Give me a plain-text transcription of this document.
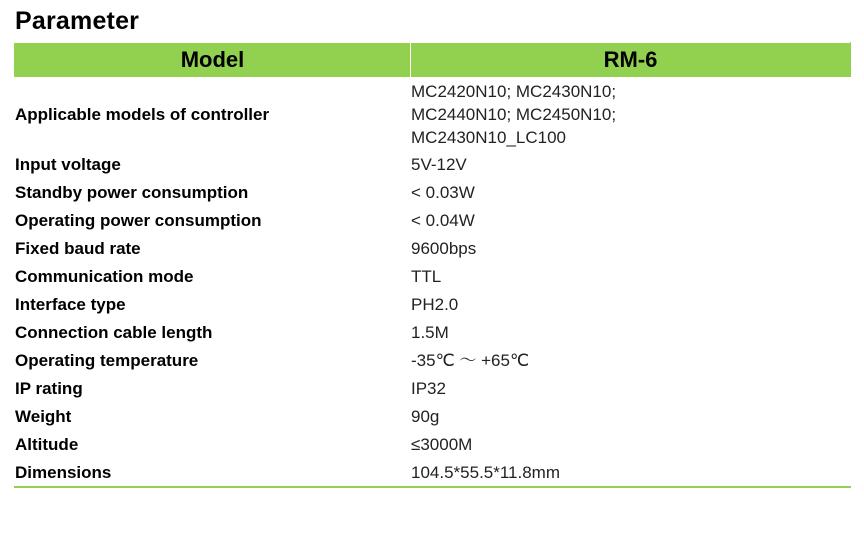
Parameter
Model	RM-6
Applicable models of controller	MC2420N10; MC2430N10;
MC2440N10; MC2450N10;
MC2430N10_LC100

Input voltage	5V-12V
Standby power consumption	< 0.03W
Operating power consumption	< 0.04W
Fixed baud rate	9600bps
Communication mode	TTL
Interface type	PH2.0
Connection cable length	1.5M
Operating temperature	-35℃ ～ +65℃
IP rating	IP32
Weight	90g
Altitude	≤3000M
Dimensions	104.5*55.5*11.8mm
